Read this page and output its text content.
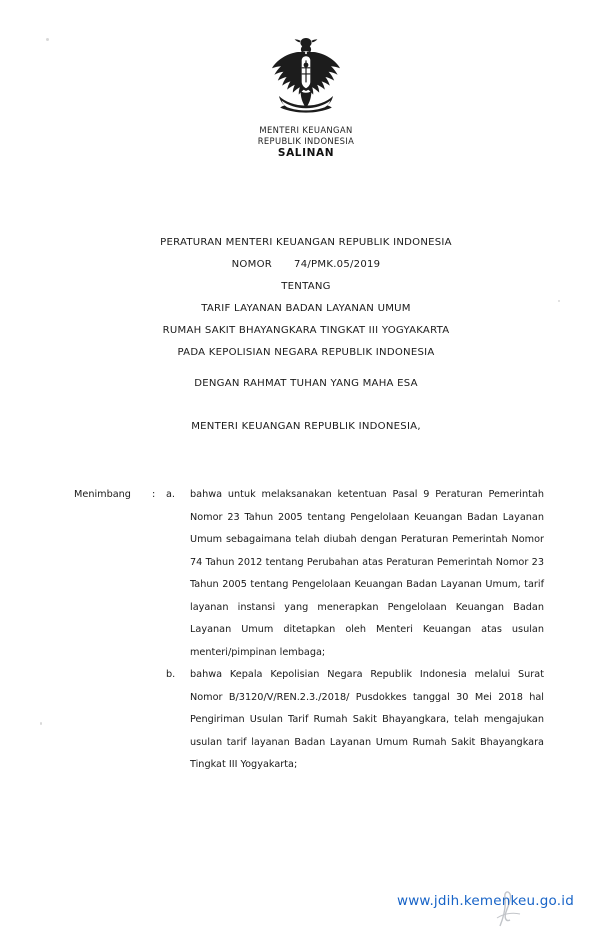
MENTERI KEUANGAN
REPUBLIK INDONESIA
SALINAN
PERATURAN MENTERI KEUANGAN REPUBLIK INDONESIA
NOMOR 74/PMK.05/2019
TENTANG
TARIF LAYANAN BADAN LAYANAN UMUM
RUMAH SAKIT BHAYANGKARA TINGKAT III YOGYAKARTA
PADA KEPOLISIAN NEGARA REPUBLIK INDONESIA
DENGAN RAHMAT TUHAN YANG MAHA ESA
MENTERI KEUANGAN REPUBLIK INDONESIA,
Menimbang	:	a.	bahwa untuk melaksanakan ketentuan Pasal 9 Peraturan Pemerintah Nomor 23 Tahun 2005 tentang Pengelolaan Keuangan Badan Layanan Umum sebagaimana telah diubah dengan Peraturan Pemerintah Nomor 74 Tahun 2012 tentang Perubahan atas Peraturan Pemerintah Nomor 23 Tahun 2005 tentang Pengelolaan Keuangan Badan Layanan Umum, tarif layanan instansi yang menerapkan Pengelolaan Keuangan Badan Layanan Umum ditetapkan oleh Menteri Keuangan atas usulan menteri/pimpinan lembaga;
b.	bahwa Kepala Kepolisian Negara Republik Indonesia melalui Surat Nomor B/3120/V/REN.2.3./2018/ Pusdokkes tanggal 30 Mei 2018 hal Pengiriman Usulan Tarif Rumah Sakit Bhayangkara, telah mengajukan usulan tarif layanan Badan Layanan Umum Rumah Sakit Bhayangkara Tingkat III Yogyakarta;
www.jdih.kemenkeu.go.id
